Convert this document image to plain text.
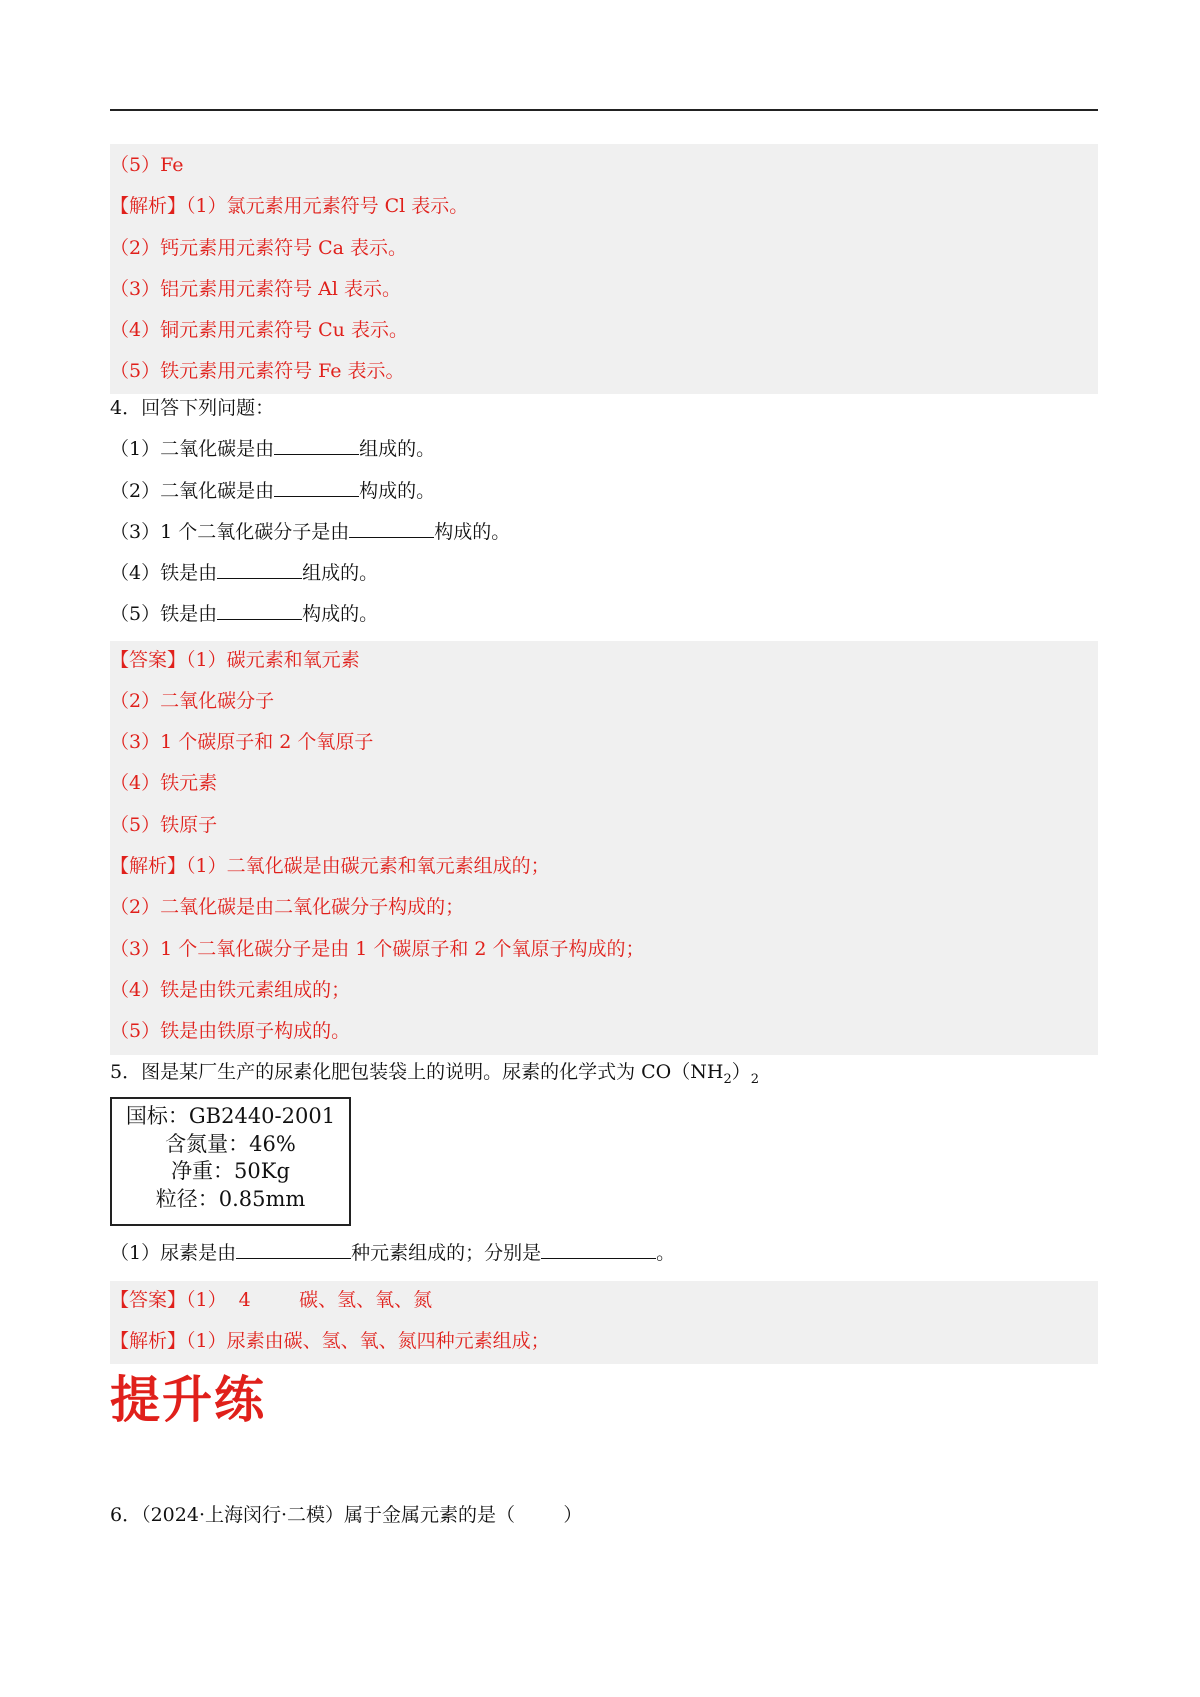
（5）Fe
【解析】（1）氯元素用元素符号 Cl 表示。
（2）钙元素用元素符号 Ca 表示。
（3）铝元素用元素符号 Al 表示。
（4）铜元素用元素符号 Cu 表示。
（5）铁元素用元素符号 Fe 表示。
4．回答下列问题：
（1）二氧化碳是由	组成的。
（2）二氧化碳是由	构成的。
（3）1 个二氧化碳分子是由	构成的。
（4）铁是由	组成的。
（5）铁是由	构成的。
【答案】（1）碳元素和氧元素
（2）二氧化碳分子
（3）1 个碳原子和 2 个氧原子
（4）铁元素
（5）铁原子
【解析】（1）二氧化碳是由碳元素和氧元素组成的；
（2）二氧化碳是由二氧化碳分子构成的；
（3）1 个二氧化碳分子是由 1 个碳原子和 2 个氧原子构成的；
（4）铁是由铁元素组成的；
（5）铁是由铁原子构成的。
5．图是某厂生产的尿素化肥包装袋上的说明。尿素的化学式为 $CO(NH_2)_2$
国标：GB2440-2001
含氮量：46%
净重：50Kg
粒径：0.85mm
（1）尿素是由	种元素组成的；分别是	。
【答案】（1）  4        碳、氢、氧、氮
【解析】（1）尿素由碳、氢、氧、氮四种元素组成；
提升练
6．（2024·上海闵行·二模）属于金属元素的是（        ）
